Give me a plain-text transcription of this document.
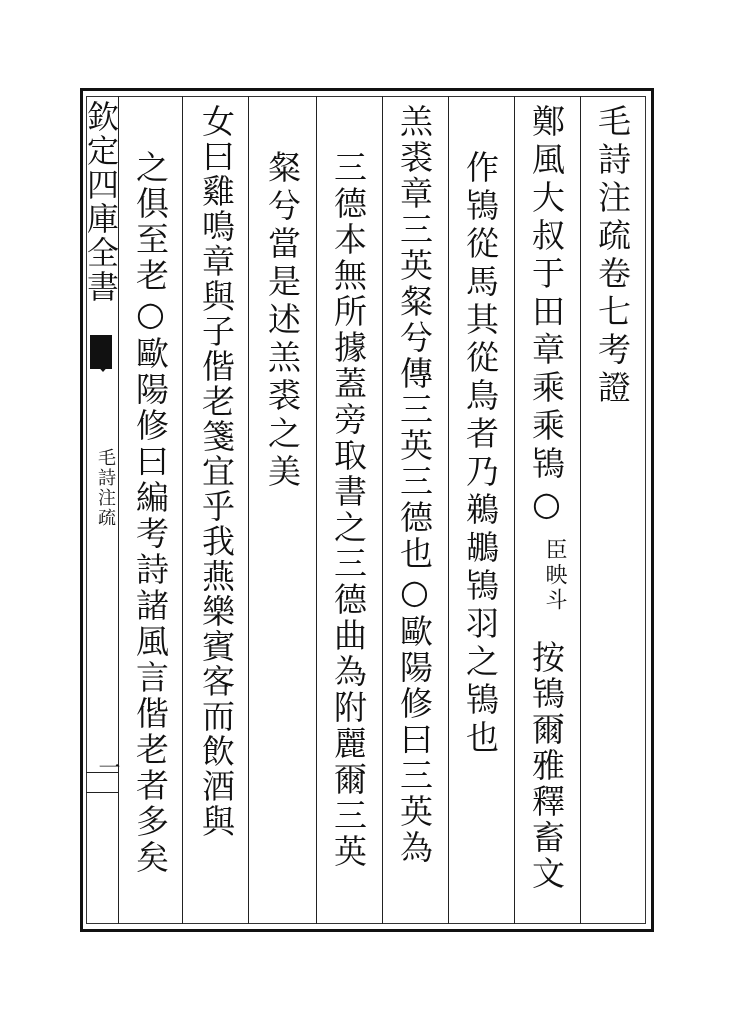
欽定四庫全書
毛詩注疏
毛詩注疏卷七考證
鄭風大叔于田章乘乘鴇○
臣映斗
按鴇爾雅釋畜文
作鴇從馬其從鳥者乃鵜鶘鴇羽之鴇也
羔裘章三英粲兮傳三英三德也○歐陽修曰三英為
三德本無所據蓋旁取書之三德曲為附麗爾三英
粲兮當是述羔裘之美
女曰雞鳴章與子偕老箋宜乎我燕樂賓客而飲酒與
之俱至老○歐陽修曰編考詩諸風言偕老者多矣
一
